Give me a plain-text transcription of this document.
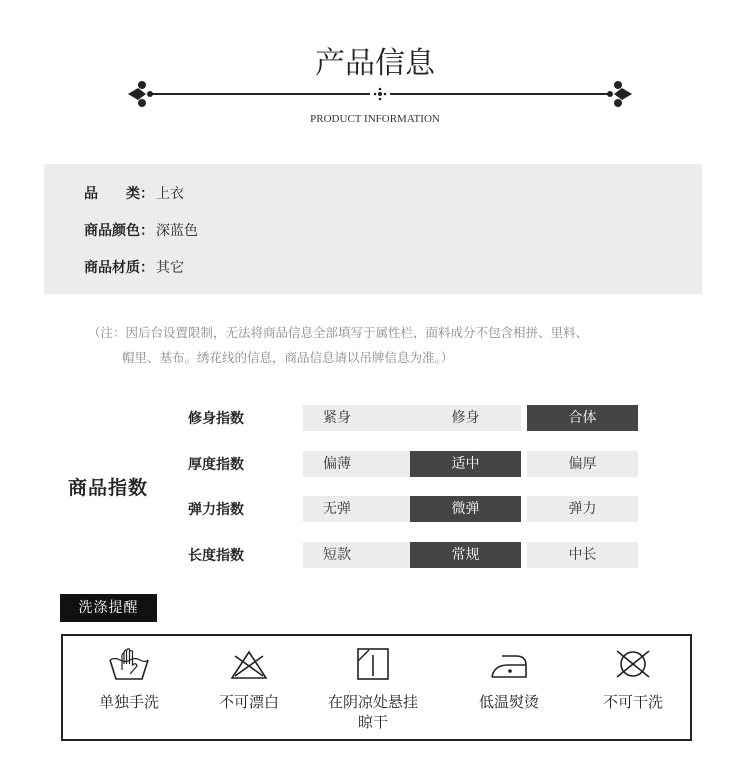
产品信息
PRODUCT INFORMATION
品　　类： 上衣
商品颜色： 深蓝色
商品材质： 其它
（注：因后台设置限制，无法将商品信息全部填写于属性栏，面料成分不包含相拼、里料、
帽里、基布。绣花线的信息，商品信息请以吊牌信息为准。）
商品指数
修身指数	紧身	修身	合体
厚度指数	偏薄	适中	偏厚
弹力指数	无弹	微弹	弹力
长度指数	短款	常规	中长
洗涤提醒
单独手洗	不可漂白	在阴凉处悬挂
晾干
低温熨烫	不可干洗
